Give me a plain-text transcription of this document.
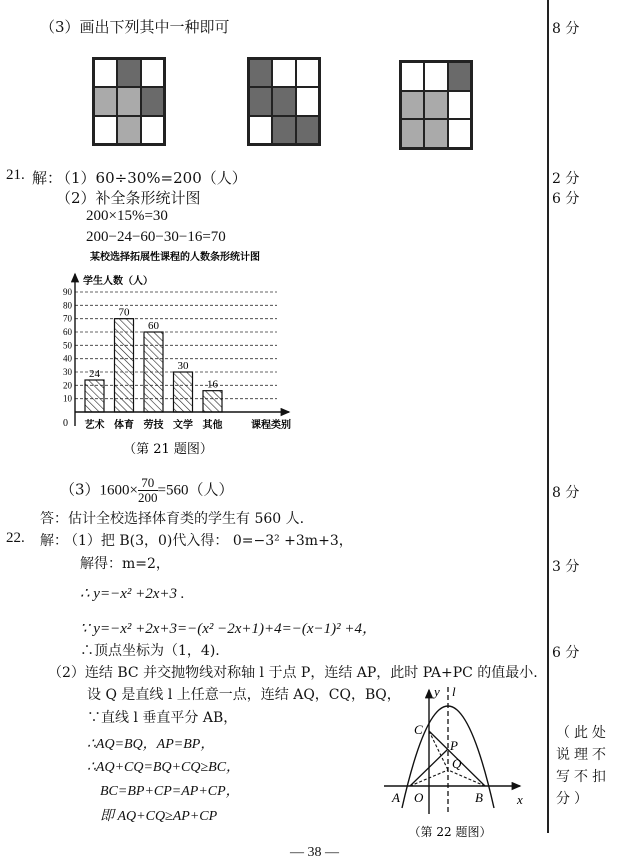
（3）画出下列其中一种即可	8 分
21. 解：
（1）60÷30%=200（人）	2 分
（2）补全条形统计图	6 分
200×15%=30
200−24−60−30−16=70
某校选择拓展性课程的人数条形统计图
学生人数（人）
10
20
30
40
50
60
70
80
90
24
艺术
70
体育
60
劳技
30
文学
16
其他	课程类别
0
（第 21 题图）
$(3)1600\times \frac{70}{200} =560$（人）	8 分
答：估计全校选择体育类的学生有 560 人.
22. 解：
（1）把 B(3，0)代入得： 0=−3² +3m+3，
解得：m=2，	3 分
∴ y=−x² +2x+3 .
∵ y=−x² +2x+3=−(x² −2x+1)+4=−(x−1)² +4，
∴顶点坐标为（1，4).	6 分
（2）连结 BC 并交抛物线对称轴 l 于点 P，连结 AP，此时 PA+PC 的值最小.
设 Q 是直线 l 上任意一点，连结 AQ，CQ，BQ，
∵直线 l 垂直平分 AB，
∴AQ=BQ，AP=BP，
∴AQ+CQ=BQ+CQ≥BC，
BC=BP+CP=AP+CP，
即 AQ+CQ≥AP+CP
（此处说理不写不扣分）
y l
x
A O	B
C
P
Q
（第 22 题图）
— 38 —
